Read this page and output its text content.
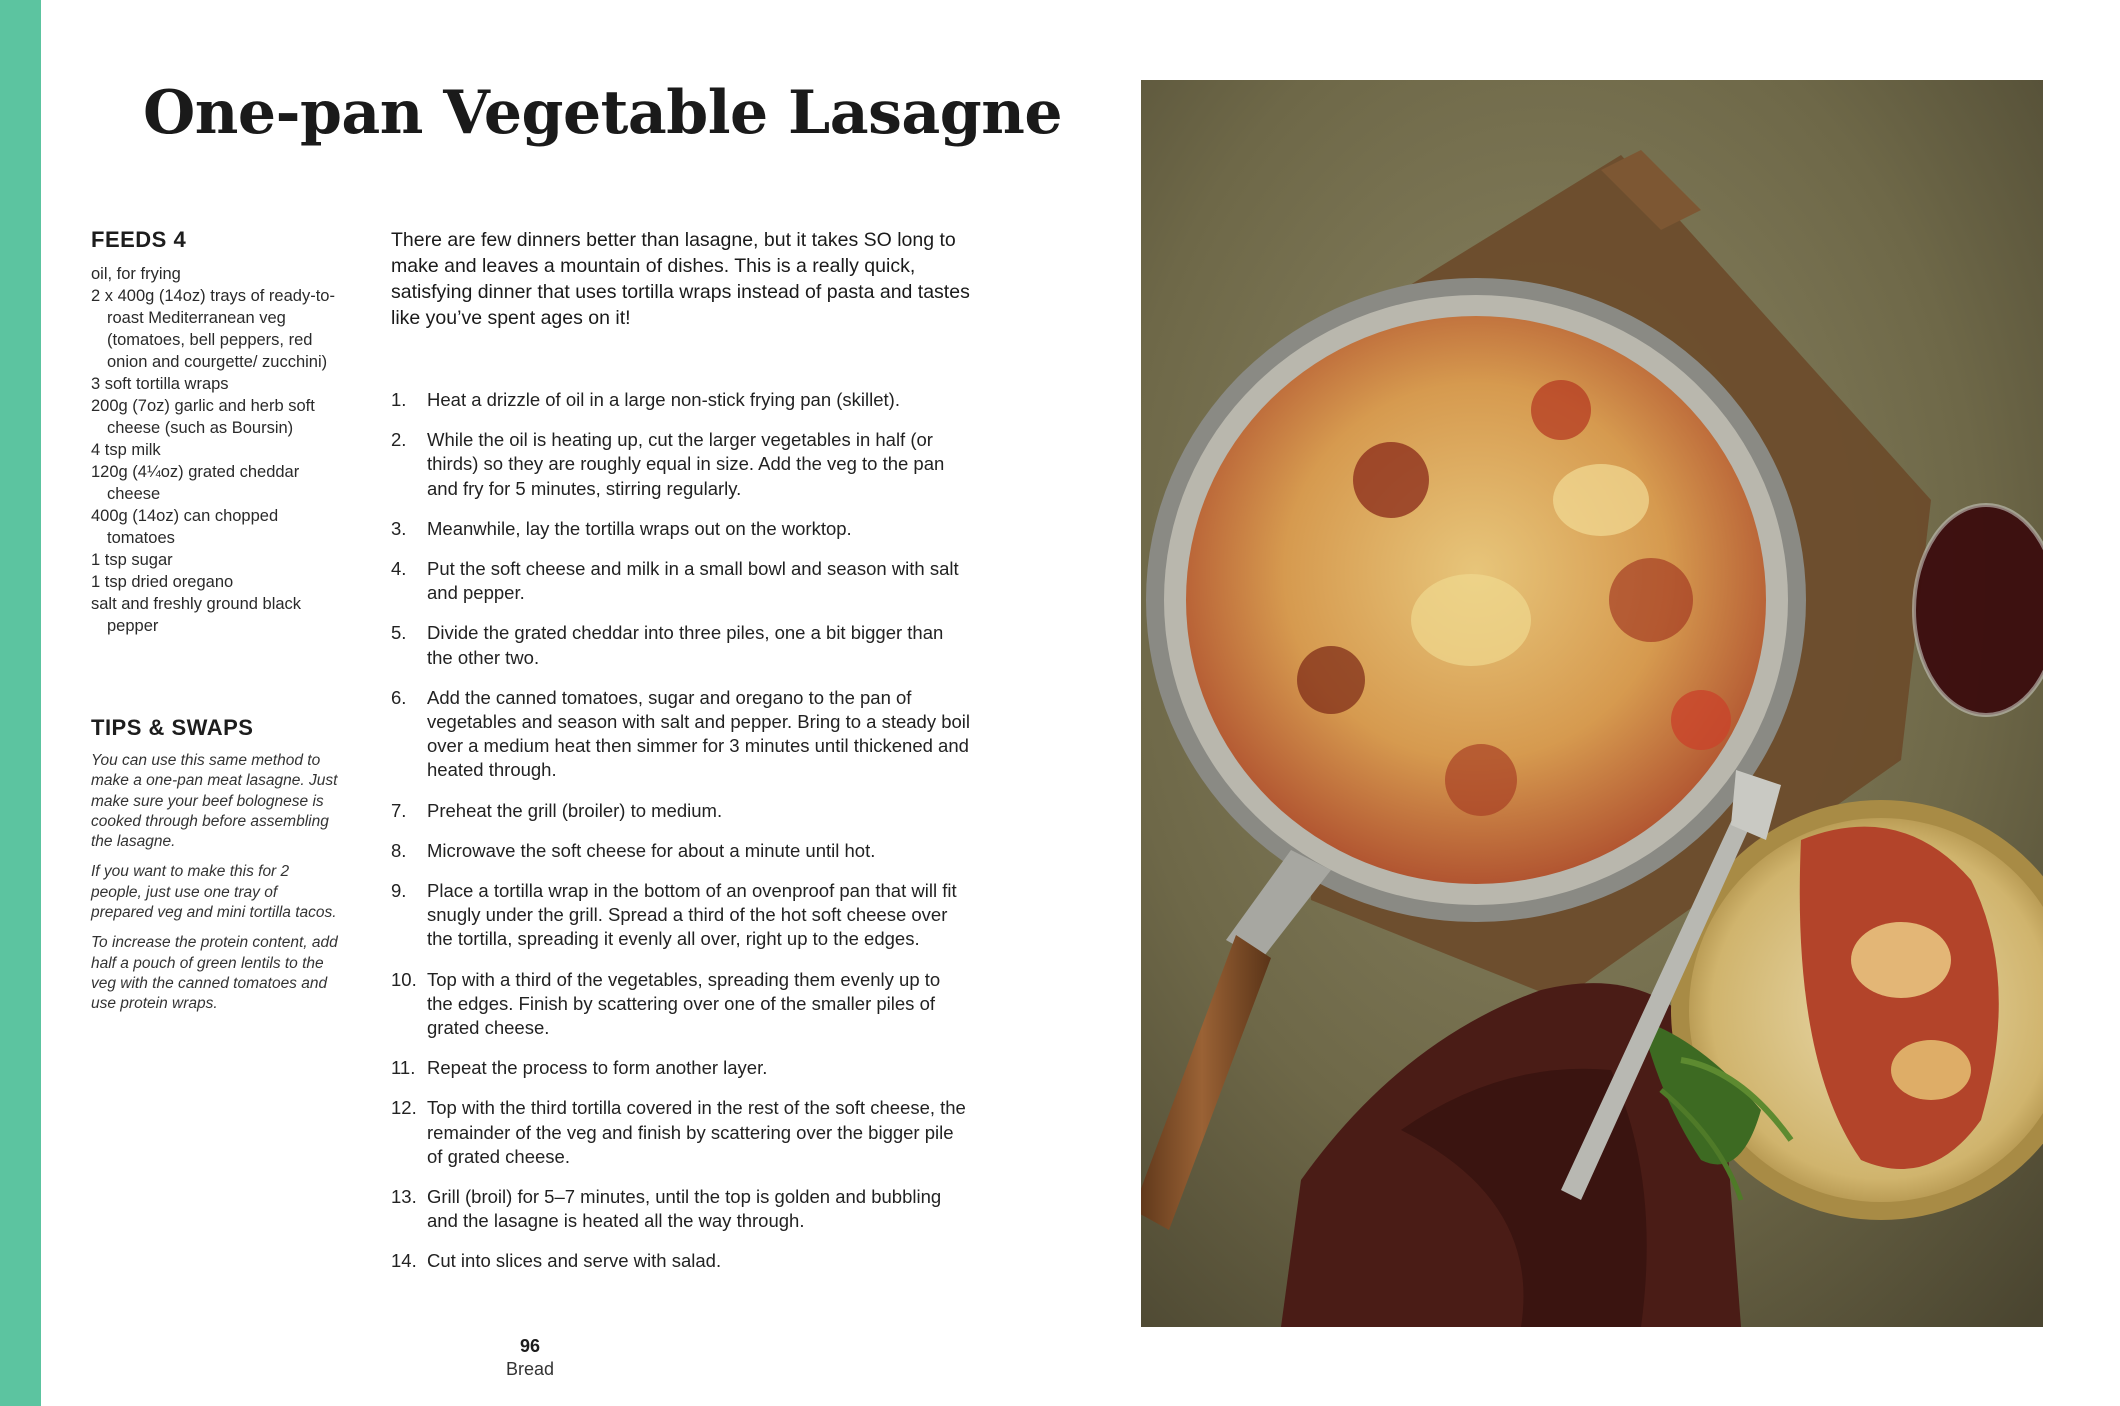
One-pan Vegetable Lasagne
FEEDS 4
oil, for frying
2 x 400g (14oz) trays of ready-to-roast Mediterranean veg (tomatoes, bell peppers, red onion and courgette/ zucchini)
3 soft tortilla wraps
200g (7oz) garlic and herb soft cheese (such as Boursin)
4 tsp milk
120g (4¼oz) grated cheddar cheese
400g (14oz) can chopped tomatoes
1 tsp sugar
1 tsp dried oregano
salt and freshly ground black pepper
TIPS & SWAPS

You can use this same method to make a one-pan meat lasagne. Just make sure your beef bolognese is cooked through before assembling the lasagne.

If you want to make this for 2 people, just use one tray of prepared veg and mini tortilla tacos.

To increase the protein content, add half a pouch of green lentils to the veg with the canned tomatoes and use protein wraps.

There are few dinners better than lasagne, but it takes SO long to make and leaves a mountain of dishes. This is a really quick, satisfying dinner that uses tortilla wraps instead of pasta and tastes like you’ve spent ages on it!

1. Heat a drizzle of oil in a large non-stick frying pan (skillet).
2. While the oil is heating up, cut the larger vegetables in half (or thirds) so they are roughly equal in size. Add the veg to the pan and fry for 5 minutes, stirring regularly.
3. Meanwhile, lay the tortilla wraps out on the worktop.
4. Put the soft cheese and milk in a small bowl and season with salt and pepper.
5. Divide the grated cheddar into three piles, one a bit bigger than the other two.
6. Add the canned tomatoes, sugar and oregano to the pan of vegetables and season with salt and pepper. Bring to a steady boil over a medium heat then simmer for 3 minutes until thickened and heated through.
7. Preheat the grill (broiler) to medium.
8. Microwave the soft cheese for about a minute until hot.
9. Place a tortilla wrap in the bottom of an ovenproof pan that will fit snugly under the grill. Spread a third of the hot soft cheese over the tortilla, spreading it evenly all over, right up to the edges.
10. Top with a third of the vegetables, spreading them evenly up to the edges. Finish by scattering over one of the smaller piles of grated cheese.
11. Repeat the process to form another layer.
12. Top with the third tortilla covered in the rest of the soft cheese, the remainder of the veg and finish by scattering over the bigger pile of grated cheese.
13. Grill (broil) for 5–7 minutes, until the top is golden and bubbling and the lasagne is heated all the way through.
14. Cut into slices and serve with salad.
96
Bread
